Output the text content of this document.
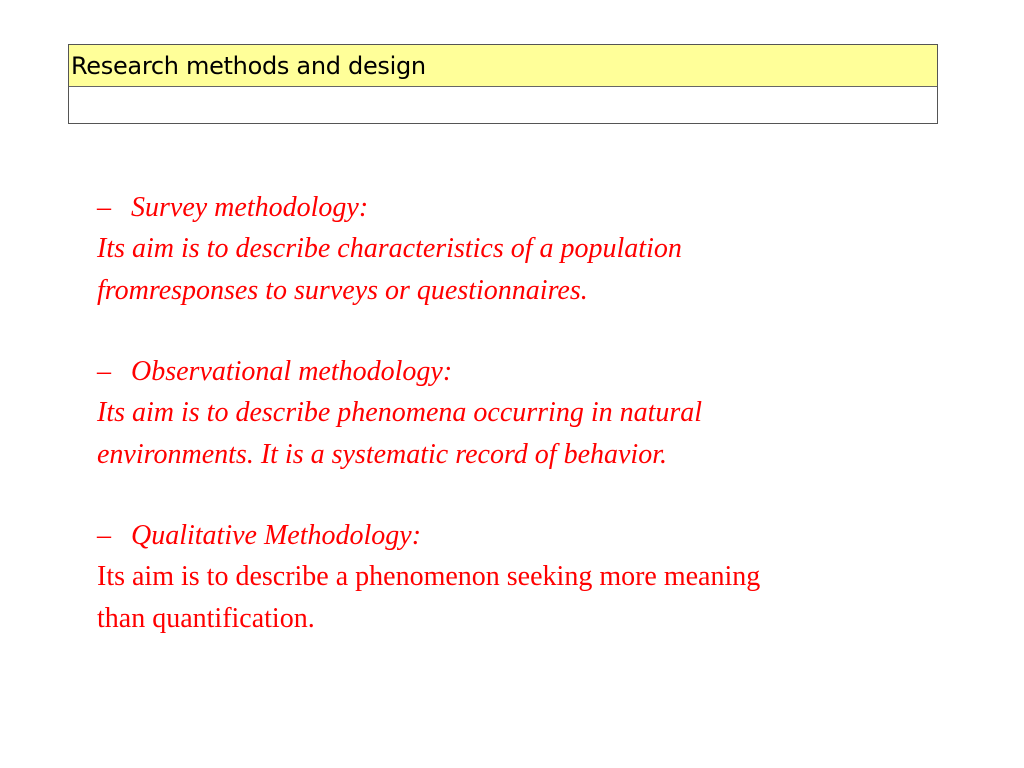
Research methods and design
– Survey methodology:
Its aim is to describe characteristics of a population
fromresponses to surveys or questionnaires.
– Observational methodology:
Its aim is to describe phenomena occurring in natural
environments. It is a systematic record of behavior.
– Qualitative Methodology:
Its aim is to describe a phenomenon seeking more meaning
than quantification.
